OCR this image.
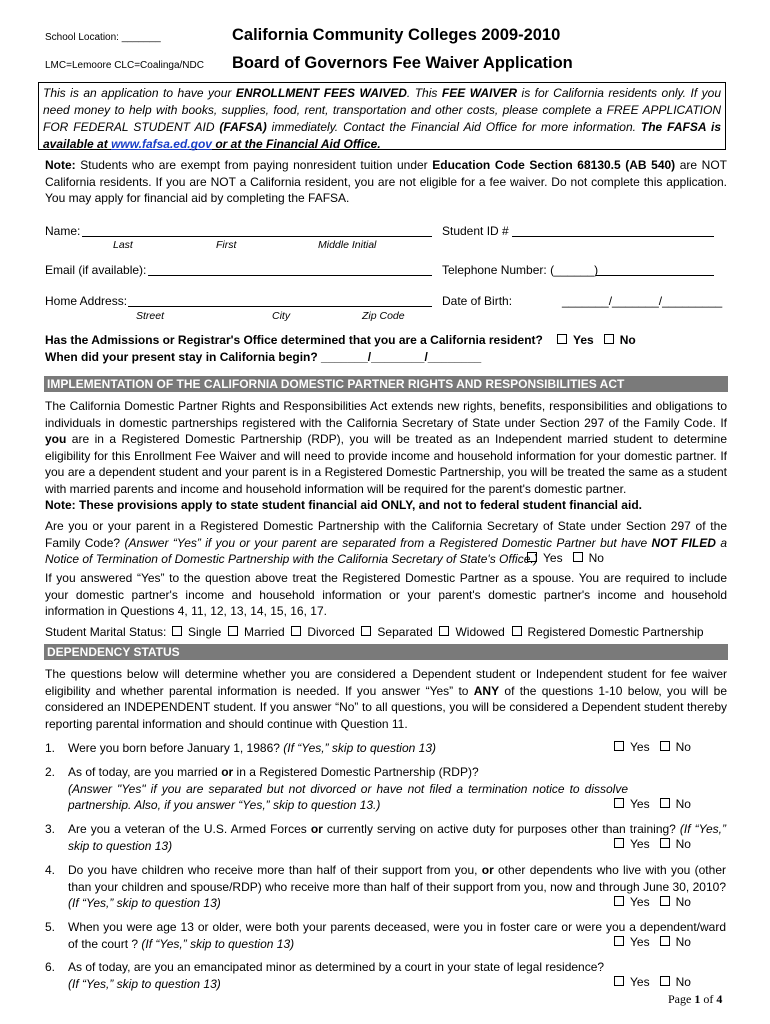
School Location: _______
LMC=Lemoore CLC=Coalinga/NDC
California Community Colleges 2009-2010
Board of Governors Fee Waiver Application
This is an application to have your ENROLLMENT FEES WAIVED. This FEE WAIVER is for California residents only. If you need money to help with books, supplies, food, rent, transportation and other costs, please complete a FREE APPLICATION FOR FEDERAL STUDENT AID (FAFSA) immediately. Contact the Financial Aid Office for more information. The FAFSA is available at www.fafsa.ed.gov or at the Financial Aid Office.
Note: Students who are exempt from paying nonresident tuition under Education Code Section 68130.5 (AB 540) are NOT California residents. If you are NOT a California resident, you are not eligible for a fee waiver. Do not complete this application. You may apply for financial aid by completing the FAFSA.
Name:
Last	First	Middle Initial
Student ID #
Email (if available):	Telephone Number: (______)
Home Address:
Street	City	Zip Code
Date of Birth:	_______/_______/_________
Has the Admissions or Registrar's Office determined that you are a California resident?	Yes No
When did your present stay in California begin? _______/________/________
IMPLEMENTATION OF THE CALIFORNIA DOMESTIC PARTNER RIGHTS AND RESPONSIBILITIES ACT
The California Domestic Partner Rights and Responsibilities Act extends new rights, benefits, responsibilities and obligations to individuals in domestic partnerships registered with the California Secretary of State under Section 297 of the Family Code. If you are in a Registered Domestic Partnership (RDP), you will be treated as an Independent married student to determine eligibility for this Enrollment Fee Waiver and will need to provide income and household information for your domestic partner. If you are a dependent student and your parent is in a Registered Domestic Partnership, you will be treated the same as a student with married parents and income and household information will be required for the parent's domestic partner.
Note: These provisions apply to state student financial aid ONLY, and not to federal student financial aid.
Are you or your parent in a Registered Domestic Partnership with the California Secretary of State under Section 297 of the Family Code? (Answer “Yes” if you or your parent are separated from a Registered Domestic Partner but have NOT FILED a Notice of Termination of Domestic Partnership with the California Secretary of State's Office.) Yes No
If you answered “Yes” to the question above treat the Registered Domestic Partner as a spouse. You are required to include your domestic partner's income and household information or your parent's domestic partner's income and household information in Questions 4, 11, 12, 13, 14, 15, 16, 17.
Student Marital Status:	Single Married Divorced Separated Widowed Registered Domestic Partnership
DEPENDENCY STATUS
The questions below will determine whether you are considered a Dependent student or Independent student for fee waiver eligibility and whether parental information is needed. If you answer “Yes” to ANY of the questions 1-10 below, you will be considered an INDEPENDENT student. If you answer “No” to all questions, you will be considered a Dependent student thereby reporting parental information and should continue with Question 11.
1. Were you born before January 1, 1986? (If “Yes,” skip to question 13)	Yes No
2. As of today, are you married or in a Registered Domestic Partnership (RDP)?
(Answer "Yes" if you are separated but not divorced or have not filed a termination notice to dissolve partnership. Also, if you answer “Yes,” skip to question 13.)	Yes No
3. Are you a veteran of the U.S. Armed Forces or currently serving on active duty for purposes other than training? (If “Yes,” skip to question 13)	Yes No
4. Do you have children who receive more than half of their support from you, or other dependents who live with you (other than your children and spouse/RDP) who receive more than half of their support from you, now and through June 30, 2010? (If “Yes,” skip to question 13)	Yes No
5. When you were age 13 or older, were both your parents deceased, were you in foster care or were you a dependent/ward of the court ? (If “Yes,” skip to question 13)	Yes No
6. As of today, are you an emancipated minor as determined by a court in your state of legal residence?
(If “Yes,” skip to question 13)	Yes No
Page 1 of 4
